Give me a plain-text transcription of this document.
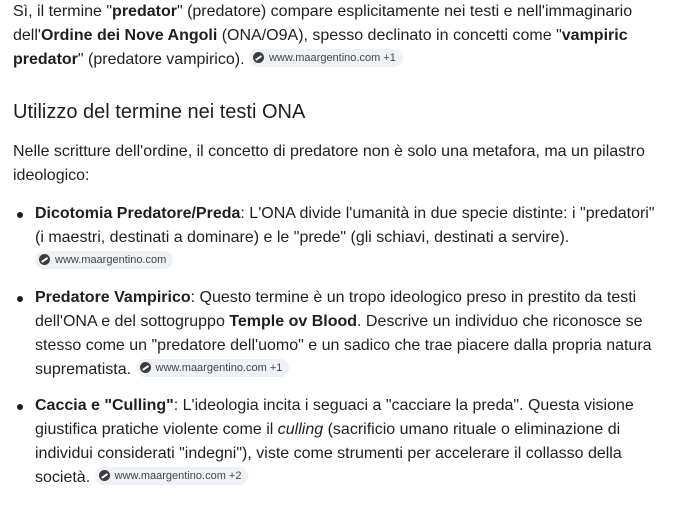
Sì, il termine "predator" (predatore) compare esplicitamente nei testi e nell'immaginario dell'Ordine dei Nove Angoli (ONA/O9A), spesso declinato in concetti come "vampiric predator" (predatore vampirico). www.maargentino.com +1

Utilizzo del termine nei testi ONA

Nelle scritture dell'ordine, il concetto di predatore non è solo una metafora, ma un pilastro ideologico:

Dicotomia Predatore/Preda: L'ONA divide l'umanità in due specie distinte: i "predatori" (i maestri, destinati a dominare) e le "prede" (gli schiavi, destinati a servire).
www.maargentino.com
Predatore Vampirico: Questo termine è un tropo ideologico preso in prestito da testi dell'ONA e del sottogruppo Temple ov Blood. Descrive un individuo che riconosce se stesso come un "predatore dell'uomo" e un sadico che trae piacere dalla propria natura suprematista. www.maargentino.com +1
Caccia e "Culling": L'ideologia incita i seguaci a "cacciare la preda". Questa visione giustifica pratiche violente come il culling (sacrificio umano rituale o eliminazione di individui considerati "indegni"), viste come strumenti per accelerare il collasso della società. www.maargentino.com +2
